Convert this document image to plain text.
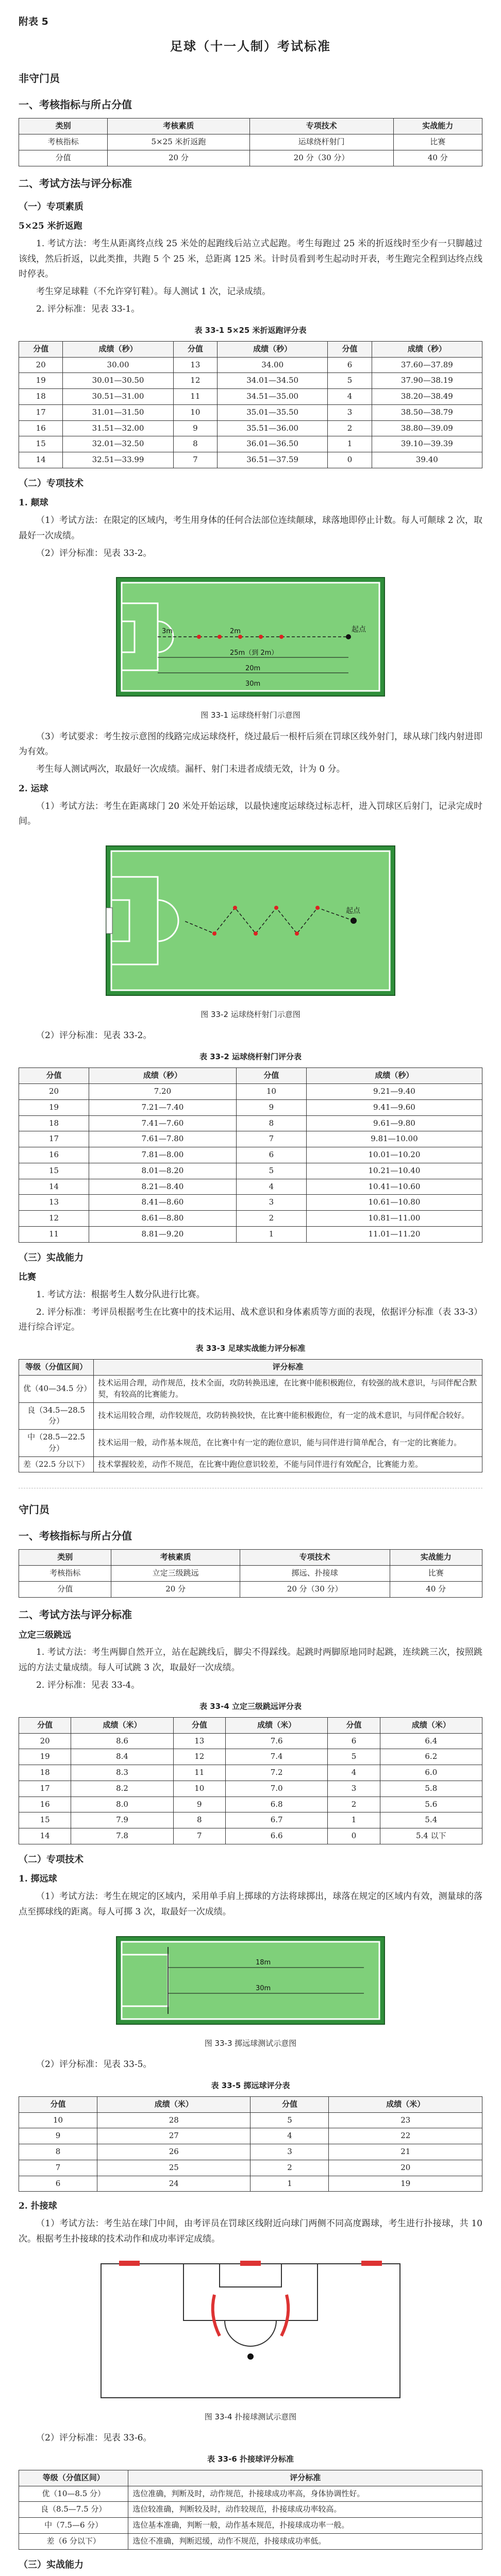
附表 5
足球（十一人制）考试标准
非守门员
一、考核指标与所占分值
类别	考核素质	专项技术	实战能力
考核指标	5×25 米折返跑	运球绕杆射门	比赛
分值	20 分	20 分（30 分）	40 分
二、考试方法与评分标准
（一）专项素质
5×25 米折返跑

1. 考试方法：考生从距离终点线 25 米处的起跑线后站立式起跑。考生每跑过 25 米的折返线时至少有一只脚越过该线，然后折返，以此类推，共跑 5 个 25 米，总距离 125 米。计时员看到考生起动时开表，考生跑完全程到达终点线时停表。

考生穿足球鞋（不允许穿钉鞋）。每人测试 1 次，记录成绩。

2. 评分标准：见表 33-1。

表 33-1 5×25 米折返跑评分表
分值	成绩（秒）	分值	成绩（秒）	分值	成绩（秒）
20	30.00	13	34.00	6	37.60—37.89
19	30.01—30.50	12	34.01—34.50	5	37.90—38.19
18	30.51—31.00	11	34.51—35.00	4	38.20—38.49
17	31.01—31.50	10	35.01—35.50	3	38.50—38.79
16	31.51—32.00	9	35.51—36.00	2	38.80—39.09
15	32.01—32.50	8	36.01—36.50	1	39.10—39.39
14	32.51—33.99	7	36.51—37.59	0	39.40
（二）专项技术
1. 颠球

（1）考试方法：在限定的区域内，考生用身体的任何合法部位连续颠球，球落地即停止计数。每人可颠球 2 次，取最好一次成绩。

（2）评分标准：见表 33-2。

起点
2m
3m
25m（到 2m）
20m
30m
图 33-1 运球绕杆射门示意图

（3）考试要求：考生按示意图的线路完成运球绕杆，绕过最后一根杆后须在罚球区线外射门，球从球门线内射进即为有效。

考生每人测试两次，取最好一次成绩。漏杆、射门未进者成绩无效，计为 0 分。

2. 运球

（1）考试方法：考生在距离球门 20 米处开始运球，以最快速度运球绕过标志杆，进入罚球区后射门，记录完成时间。

起点
图 33-2 运球绕杆射门示意图

（2）评分标准：见表 33-2。

表 33-2 运球绕杆射门评分表
分值	成绩（秒）	分值	成绩（秒）
20	7.20	10	9.21—9.40
19	7.21—7.40	9	9.41—9.60
18	7.41—7.60	8	9.61—9.80
17	7.61—7.80	7	9.81—10.00
16	7.81—8.00	6	10.01—10.20
15	8.01—8.20	5	10.21—10.40
14	8.21—8.40	4	10.41—10.60
13	8.41—8.60	3	10.61—10.80
12	8.61—8.80	2	10.81—11.00
11	8.81—9.20	1	11.01—11.20
（三）实战能力
比赛

1. 考试方法：根据考生人数分队进行比赛。

2. 评分标准：考评员根据考生在比赛中的技术运用、战术意识和身体素质等方面的表现，依据评分标准（表 33-3）进行综合评定。

表 33-3 足球实战能力评分标准
等级（分值区间）	评分标准
优（40—34.5 分）	技术运用合理，动作规范，技术全面，攻防转换迅速，在比赛中能积极跑位，有较强的战术意识，与同伴配合默契，有较高的比赛能力。
良（34.5—28.5 分）	技术运用较合理，动作较规范，攻防转换较快，在比赛中能积极跑位，有一定的战术意识，与同伴配合较好。
中（28.5—22.5 分）	技术运用一般，动作基本规范，在比赛中有一定的跑位意识，能与同伴进行简单配合，有一定的比赛能力。
差（22.5 分以下）	技术掌握较差，动作不规范，在比赛中跑位意识较差，不能与同伴进行有效配合，比赛能力差。
守门员
一、考核指标与所占分值
类别	考核素质	专项技术	实战能力
考核指标	立定三级跳远	掷远、扑接球	比赛
分值	20 分	20 分（30 分）	40 分
二、考试方法与评分标准
立定三级跳远

1. 考试方法：考生两脚自然开立，站在起跳线后，脚尖不得踩线。起跳时两脚原地同时起跳，连续跳三次，按照跳远的方法丈量成绩。每人可试跳 3 次，取最好一次成绩。

2. 评分标准：见表 33-4。

表 33-4 立定三级跳远评分表
分值	成绩（米）	分值	成绩（米）	分值	成绩（米）
20	8.6	13	7.6	6	6.4
19	8.4	12	7.4	5	6.2
18	8.3	11	7.2	4	6.0
17	8.2	10	7.0	3	5.8
16	8.0	9	6.8	2	5.6
15	7.9	8	6.7	1	5.4
14	7.8	7	6.6	0	5.4 以下
（二）专项技术
1. 掷远球

（1）考试方法：考生在规定的区域内，采用单手肩上掷球的方法将球掷出，球落在规定的区域内有效，测量球的落点至掷球线的距离。每人可掷 3 次，取最好一次成绩。

18m
30m
图 33-3 掷远球测试示意图

（2）评分标准：见表 33-5。

表 33-5 掷远球评分表
分值	成绩（米）	分值	成绩（米）
10	28	5	23
9	27	4	22
8	26	3	21
7	25	2	20
6	24	1	19
2. 扑接球

（1）考试方法：考生站在球门中间，由考评员在罚球区线附近向球门两侧不同高度踢球，考生进行扑接球，共 10 次。根据考生扑接球的技术动作和成功率评定成绩。

图 33-4 扑接球测试示意图

（2）评分标准：见表 33-6。

表 33-6 扑接球评分标准
等级（分值区间）	评分标准
优（10—8.5 分）	选位准确，判断及时，动作规范，扑接球成功率高，身体协调性好。
良（8.5—7.5 分）	选位较准确，判断较及时，动作较规范，扑接球成功率较高。
中（7.5—6 分）	选位基本准确，判断一般，动作基本规范，扑接球成功率一般。
差（6 分以下）	选位不准确，判断迟缓，动作不规范，扑接球成功率低。
（三）实战能力
